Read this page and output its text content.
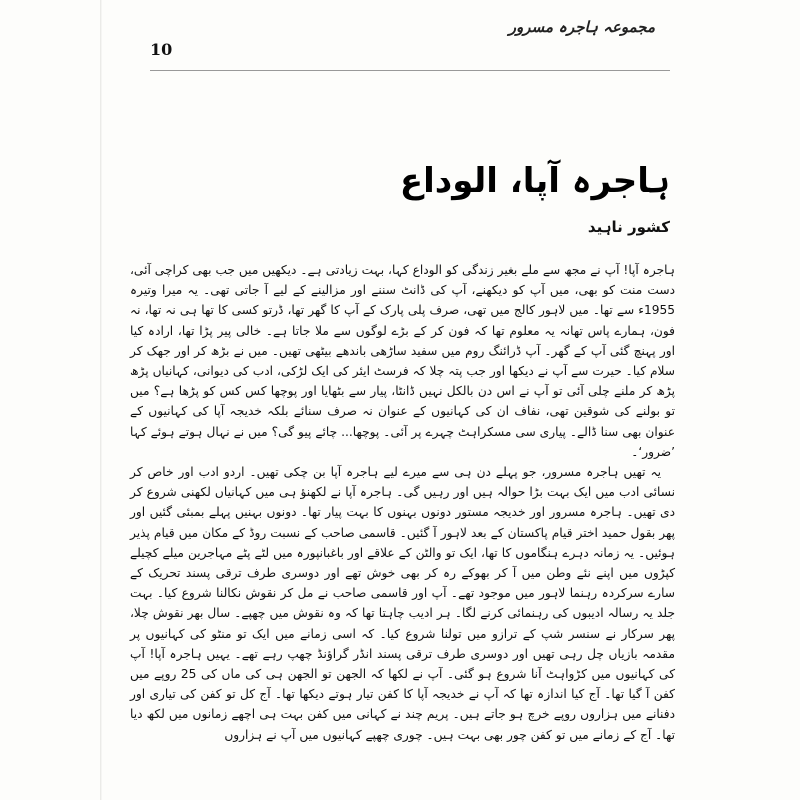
مجموعہ ہاجرہ مسرور
10
ہاجرہ آپا، الوداع
کشور ناہید

ہاجرہ آپا! آپ نے مجھ سے ملے بغیر زندگی کو الوداع کہا، بہت زیادتی ہے۔ دیکھیں میں جب بھی کراچی آئی، دست منت کو بھی، میں آپ کو دیکھنے، آپ کی ڈانٹ سننے اور مزالینے کے لیے آ جاتی تھی۔ یہ میرا وتیرہ 1955ء سے تھا۔ میں لاہور کالج میں تھی، صرف پلی پارک کے آپ کا گھر تھا، ڈرتو کسی کا تھا ہی نہ تھا، نہ فون، ہمارے پاس تھانہ یہ معلوم تھا کہ فون کر کے بڑے لوگوں سے ملا جاتا ہے۔ خالی پیر پڑا تھا، ارادہ کیا اور پہنچ گئی آپ کے گھر۔ آپ ڈرائنگ روم میں سفید ساڑھی باندھے بیٹھی تھیں۔ میں نے بڑھ کر اور جھک کر سلام کیا۔ حیرت سے آپ نے دیکھا اور جب پتہ چلا کہ فرسٹ ایئر کی ایک لڑکی، ادب کی دیوانی، کہانیاں پڑھ پڑھ کر ملنے چلی آئی تو آپ نے اس دن بالکل نہیں ڈانٹا، پیار سے بٹھایا اور پوچھا کس کس کو پڑھا ہے؟ میں تو بولنے کی شوقین تھی، نفاف ان کی کہانیوں کے عنوان نہ صرف سنائے بلکہ خدیجہ آپا کی کہانیوں کے عنوان بھی سنا ڈالے۔ پیاری سی مسکراہٹ چہرے پر آئی۔ پوچھا... چائے پیو گی؟ میں نے نہال ہوتے ہوئے کہا ’ضرور‘۔

یہ تھیں ہاجرہ مسرور، جو پہلے دن ہی سے میرے لیے ہاجرہ آپا بن چکی تھیں۔ اردو ادب اور خاص کر نسائی ادب میں ایک بہت بڑا حوالہ ہیں اور رہیں گی۔ ہاجرہ آپا نے لکھنؤ ہی میں کہانیاں لکھنی شروع کر دی تھیں۔ ہاجرہ مسرور اور خدیجہ مستور دونوں بہنوں کا بہت پیار تھا۔ دونوں بہنیں پہلے بمبئی گئیں اور پھر بقول حمید اختر قیام پاکستان کے بعد لاہور آ گئیں۔ قاسمی صاحب کے نسبت روڈ کے مکان میں قیام پذیر ہوئیں۔ یہ زمانہ دہرے ہنگاموں کا تھا، ایک تو والٹن کے علاقے اور باغبانپورہ میں لٹے پٹے مہاجرین میلے کچیلے کپڑوں میں اپنے نئے وطن میں آ کر بھوکے رہ کر بھی خوش تھے اور دوسری طرف ترقی پسند تحریک کے سارے سرکردہ رہنما لاہور میں موجود تھے۔ آپ اور قاسمی صاحب نے مل کر نقوش نکالنا شروع کیا۔ بہت جلد یہ رسالہ ادیبوں کی رہنمائی کرنے لگا۔ ہر ادیب چاہتا تھا کہ وہ نقوش میں چھپے۔ سال بھر نقوش چلا، پھر سرکار نے سنسر شپ کے ترازو میں تولنا شروع کیا۔ کہ اسی زمانے میں ایک تو منٹو کی کہانیوں پر مقدمہ بازیاں چل رہی تھیں اور دوسری طرف ترقی پسند انڈر گراؤنڈ چھپ رہے تھے۔ یہیں ہاجرہ آپا! آپ کی کہانیوں میں کڑواہٹ آنا شروع ہو گئی۔ آپ نے لکھا کہ الجھن تو الجھن ہی کی ماں کی 25 روپے میں کفن آ گیا تھا۔ آج کیا اندازہ تھا کہ آپ نے خدیجہ آپا کا کفن تیار ہوتے دیکھا تھا۔ آج کل تو کفن کی تیاری اور دفنانے میں ہزاروں روپے خرچ ہو جاتے ہیں۔ پریم چند نے کہانی میں کفن بہت ہی اچھے زمانوں میں لکھ دیا تھا۔ آج کے زمانے میں تو کفن چور بھی بہت ہیں۔ چوری چھپے کہانیوں میں آپ نے ہزاروں
